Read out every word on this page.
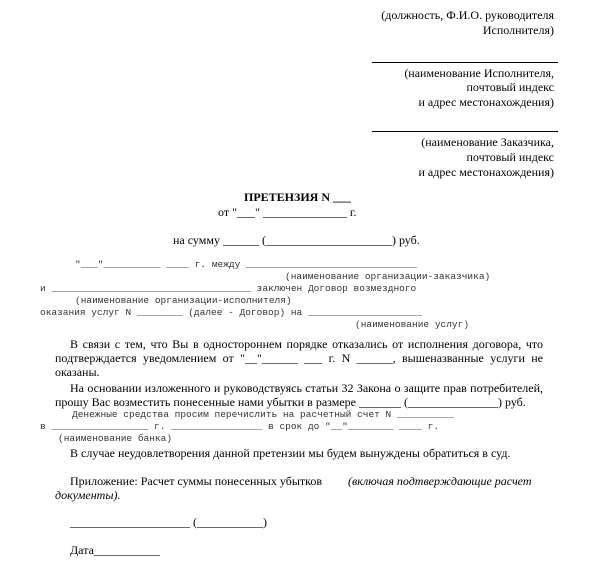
(должность, Ф.И.О. руководителя
Исполнителя)
(наименование Исполнителя,
почтовый индекс
и адрес местонахождения)
(наименование Заказчика,
почтовый индекс
и адрес местонахождения)
ПРЕТЕНЗИЯ N ___
от "___" ______________ г.
на сумму ______ (_____________________) руб.
"___"__________ ____ г. между ______________________________
(наименование организации-заказчика)
и ___________________________________ заключен Договор возмездного
(наименование организации-исполнителя)
оказания услуг N ________ (далее - Договор) на ____________________
(наименование услуг)
В связи с тем, что Вы в одностороннем порядке отказались от исполнения договора, что подтверждается уведомлением от "__"______ ___ г. N ______, вышеназванные услуги не оказаны.
На основании изложенного и руководствуясь статьи 32 Закона о защите прав потребителей, прошу Вас возместить понесенные нами убытки в размере _______ (_______________) руб.
Денежные средства просим перечислить на расчетный счет N __________
в _________________ г. ________________ в срок до "__"________ ____ г.
(наименование банка)
В случае неудовлетворения данной претензии мы будем вынуждены обратиться в суд.
Приложение: Расчет суммы понесенных убытков (включая подтверждающие расчет
документы).
____________________ (___________)
Дата___________
